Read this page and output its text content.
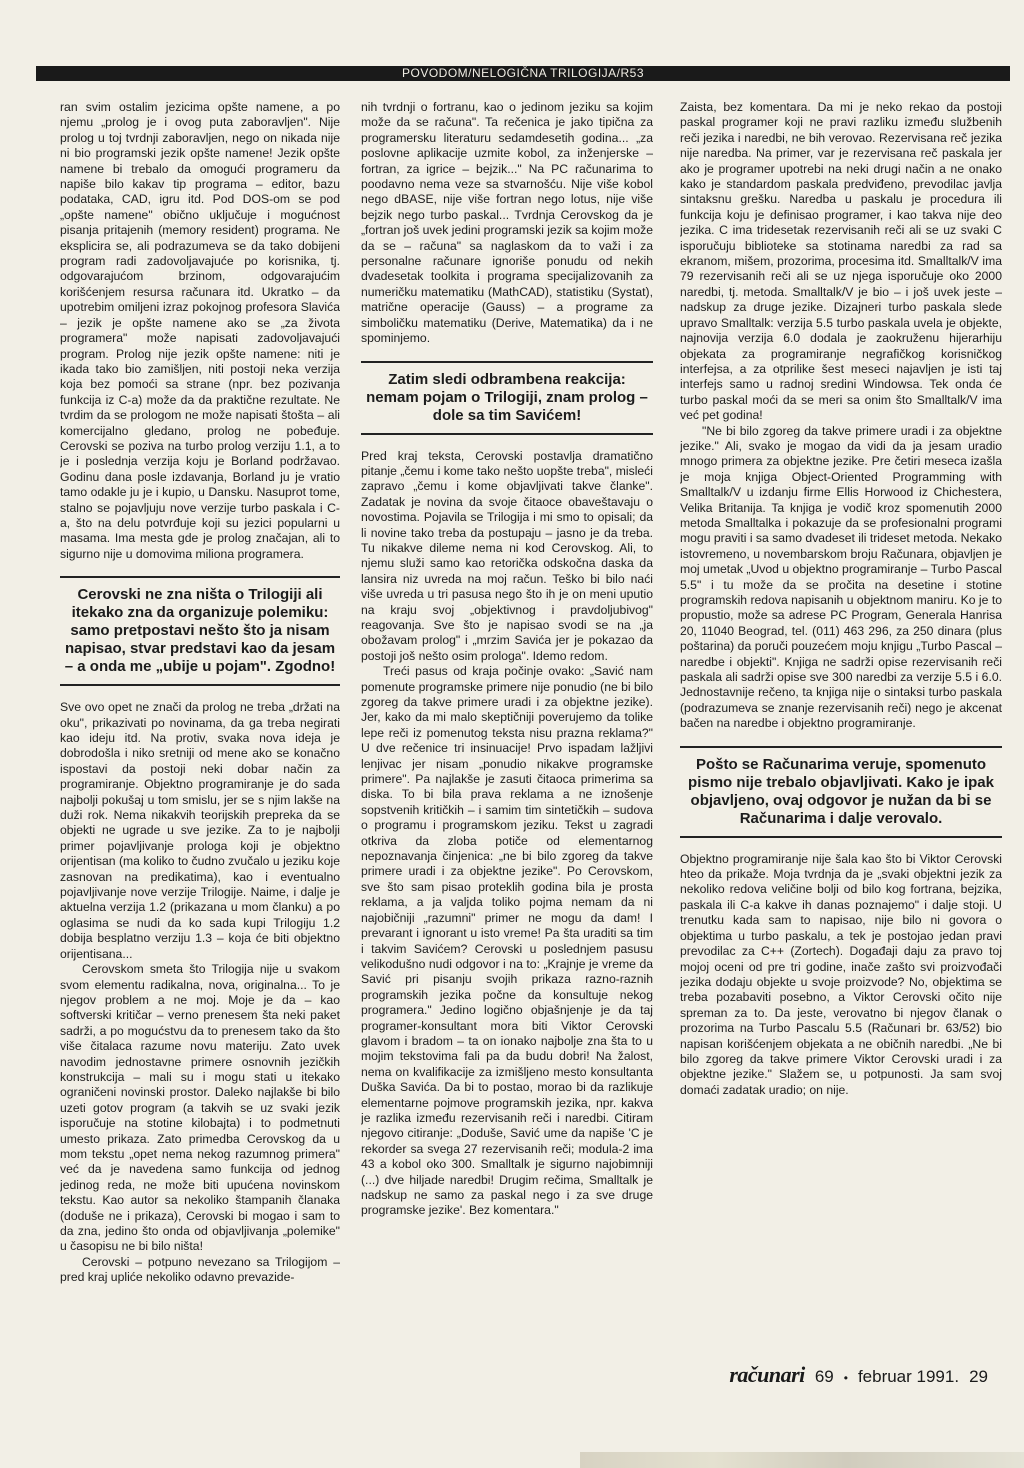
POVODOM/NELOGIČNA TRILOGIJA/R53

ran svim ostalim jezicima opšte namene, a po njemu „prolog je i ovog puta zaboravljen". Nije prolog u toj tvrdnji zaboravljen, nego on nikada nije ni bio programski jezik opšte namene! Jezik opšte namene bi trebalo da omogući programeru da napiše bilo kakav tip programa – editor, bazu podataka, CAD, igru itd. Pod DOS-om se pod „opšte namene" obično uključuje i mogućnost pisanja pritajenih (memory resident) programa. Ne eksplicira se, ali podrazumeva se da tako dobijeni program radi zadovoljavajuće po korisnika, tj. odgovarajućom brzinom, odgovarajućim korišćenjem resursa računara itd. Ukratko – da upotrebim omiljeni izraz pokojnog profesora Slavića – jezik je opšte namene ako se „za života programera" može napisati zadovoljavajući program. Prolog nije jezik opšte namene: niti je ikada tako bio zamišljen, niti postoji neka verzija koja bez pomoći sa strane (npr. bez pozivanja funkcija iz C-a) može da da praktične rezultate. Ne tvrdim da se prologom ne može napisati štošta – ali komercijalno gledano, prolog ne pobeđuje. Cerovski se poziva na turbo prolog verziju 1.1, a to je i poslednja verzija koju je Borland podržavao. Godinu dana posle izdavanja, Borland ju je vratio tamo odakle ju je i kupio, u Dansku. Nasuprot tome, stalno se pojavljuju nove verzije turbo paskala i C-a, što na delu potvrđuje koji su jezici popularni u masama. Ima mesta gde je prolog značajan, ali to sigurno nije u domovima miliona programera.

Cerovski ne zna ništa o Trilogiji ali itekako zna da organizuje polemiku: samo pretpostavi nešto što ja nisam napisao, stvar predstavi kao da jesam – a onda me „ubije u pojam". Zgodno!

Sve ovo opet ne znači da prolog ne treba „držati na oku", prikazivati po novinama, da ga treba negirati kao ideju itd. Na protiv, svaka nova ideja je dobrodošla i niko sretniji od mene ako se konačno ispostavi da postoji neki dobar način za programiranje. Objektno programiranje je do sada najbolji pokušaj u tom smislu, jer se s njim lakše na duži rok. Nema nikakvih teorijskih prepreka da se objekti ne ugrade u sve jezike. Za to je najbolji primer pojavljivanje prologa koji je objektno orijentisan (ma koliko to čudno zvučalo u jeziku koje zasnovan na predikatima), kao i eventualno pojavljivanje nove verzije Trilogije. Naime, i dalje je aktuelna verzija 1.2 (prikazana u mom članku) a po oglasima se nudi da ko sada kupi Trilogiju 1.2 dobija besplatno verziju 1.3 – koja će biti objektno orijentisana...

Cerovskom smeta što Trilogija nije u svakom svom elementu radikalna, nova, originalna... To je njegov problem a ne moj. Moje je da – kao softverski kritičar – verno prenesem šta neki paket sadrži, a po mogućstvu da to prenesem tako da što više čitalaca razume novu materiju. Zato uvek navodim jednostavne primere osnovnih jezičkih konstrukcija – mali su i mogu stati u itekako ograničeni novinski prostor. Daleko najlakše bi bilo uzeti gotov program (a takvih se uz svaki jezik isporučuje na stotine kilobajta) i to podmetnuti umesto prikaza. Zato primedba Cerovskog da u mom tekstu „opet nema nekog razumnog primera" već da je navedena samo funkcija od jednog jedinog reda, ne može biti upućena novinskom tekstu. Kao autor sa nekoliko štampanih članaka (doduše ne i prikaza), Cerovski bi mogao i sam to da zna, jedino što onda od objavljivanja „polemike" u časopisu ne bi bilo ništa!

Cerovski – potpuno nevezano sa Trilogijom – pred kraj upliće nekoliko odavno prevazide-

nih tvrdnji o fortranu, kao o jedinom jeziku sa kojim može da se računa". Ta rečenica je jako tipična za programersku literaturu sedamdesetih godina... „za poslovne aplikacije uzmite kobol, za inženjerske – fortran, za igrice – bejzik..." Na PC računarima to poodavno nema veze sa stvarnošću. Nije više kobol nego dBASE, nije više fortran nego lotus, nije više bejzik nego turbo paskal... Tvrdnja Cerovskog da je „fortran još uvek jedini programski jezik sa kojim može da se – računa" sa naglaskom da to važi i za personalne računare ignoriše ponudu od nekih dvadesetak toolkita i programa specijalizovanih za numeričku matematiku (MathCAD), statistiku (Systat), matrične operacije (Gauss) – a programe za simboličku matematiku (Derive, Matematika) da i ne spominjemo.

Zatim sledi odbrambena reakcija: nemam pojam o Trilogiji, znam prolog – dole sa tim Savićem!

Pred kraj teksta, Cerovski postavlja dramatično pitanje „čemu i kome tako nešto uopšte treba", misleći zapravo „čemu i kome objavljivati takve članke". Zadatak je novina da svoje čitaoce obaveštavaju o novostima. Pojavila se Trilogija i mi smo to opisali; da li novine tako treba da postupaju – jasno je da treba. Tu nikakve dileme nema ni kod Cerovskog. Ali, to njemu služi samo kao retorička odskočna daska da lansira niz uvreda na moj račun. Teško bi bilo naći više uvreda u tri pasusa nego što ih je on meni uputio na kraju svoj „objektivnog i pravdoljubivog" reagovanja. Sve što je napisao svodi se na „ja obožavam prolog" i „mrzim Savića jer je pokazao da postoji još nešto osim prologa". Idemo redom.

Treći pasus od kraja počinje ovako: „Savić nam pomenute programske primere nije ponudio (ne bi bilo zgoreg da takve primere uradi i za objektne jezike). Jer, kako da mi malo skeptičniji poverujemo da tolike lepe reči iz pomenutog teksta nisu prazna reklama?" U dve rečenice tri insinuacije! Prvo ispadam lažljivi lenjivac jer nisam „ponudio nikakve programske primere". Pa najlakše je zasuti čitaoca primerima sa diska. To bi bila prava reklama a ne iznošenje sopstvenih kritičkih – i samim tim sintetičkih – sudova o programu i programskom jeziku. Tekst u zagradi otkriva da zloba potiče od elementarnog nepoznavanja činjenica: „ne bi bilo zgoreg da takve primere uradi i za objektne jezike". Po Cerovskom, sve što sam pisao proteklih godina bila je prosta reklama, a ja valjda toliko pojma nemam da ni najobičniji „razumni" primer ne mogu da dam! I prevarant i ignorant u isto vreme! Pa šta uraditi sa tim i takvim Savićem? Cerovski u poslednjem pasusu velikodušno nudi odgovor i na to: „Krajnje je vreme da Savić pri pisanju svojih prikaza razno-raznih programskih jezika počne da konsultuje nekog programera." Jedino logično objašnjenje je da taj programer-konsultant mora biti Viktor Cerovski glavom i bradom – ta on ionako najbolje zna šta to u mojim tekstovima fali pa da budu dobri! Na žalost, nema on kvalifikacije za izmišljeno mesto konsultanta Duška Savića. Da bi to postao, morao bi da razlikuje elementarne pojmove programskih jezika, npr. kakva je razlika između rezervisanih reči i naredbi. Citiram njegovo citiranje: „Dodušе, Savić ume da napiše 'C je rekorder sa svega 27 rezervisanih reči; modula-2 ima 43 a kobol oko 300. Smalltalk je sigurno najobimniji (...) dve hiljade naredbi! Drugim rečima, Smalltalk je nadskup ne samo za paskal nego i za sve druge programske jezike'. Bez komentara."

Zaista, bez komentara. Da mi je neko rekao da postoji paskal programer koji ne pravi razliku između službenih reči jezika i naredbi, ne bih verovao. Rezervisana reč jezika nije naredba. Na primer, var je rezervisana reč paskala jer ako je programer upotrebi na neki drugi način a ne onako kako je standardom paskala predviđeno, prevodilac javlja sintaksnu grešku. Naredba u paskalu je procedura ili funkcija koju je definisao programer, i kao takva nije deo jezika. C ima tridesetak rezervisanih reči ali se uz svaki C isporučuju biblioteke sa stotinama naredbi za rad sa ekranom, mišem, prozorima, procesima itd. Smalltalk/V ima 79 rezervisanih reči ali se uz njega isporučuje oko 2000 naredbi, tj. metoda. Smalltalk/V je bio – i još uvek jeste – nadskup za druge jezike. Dizajneri turbo paskala slede upravo Smalltalk: verzija 5.5 turbo paskala uvela je objekte, najnovija verzija 6.0 dodala je zaokruženu hijerarhiju objekata za programiranje negrafičkog korisničkog interfejsa, a za otprilike šest meseci najavljen je isti taj interfejs samo u radnoj sredini Windowsa. Tek onda će turbo paskal moći da se meri sa onim što Smalltalk/V ima već pet godina!

"Ne bi bilo zgoreg da takve primere uradi i za objektne jezike." Ali, svako je mogao da vidi da ja jesam uradio mnogo primera za objektne jezike. Pre četiri meseca izašla je moja knjiga Object-Oriented Programming with Smalltalk/V u izdanju firme Ellis Horwood iz Chichestera, Velika Britanija. Ta knjiga je vodič kroz spomenutih 2000 metoda Smalltalka i pokazuje da se profesionalni programi mogu praviti i sa samo dvadeset ili trideset metoda. Nekako istovremeno, u novembarskom broju Računara, objavljen je moj umetak „Uvod u objektno programiranje – Turbo Pascal 5.5" i tu može da se pročita na desetine i stotine programskih redova napisanih u objektnom maniru. Ko je to propustio, može sa adrese PC Program, Generala Hanrisa 20, 11040 Beograd, tel. (011) 463 296, za 250 dinara (plus poštarina) da poruči pouzećem moju knjigu „Turbo Pascal – naredbe i objekti". Knjiga ne sadrži opise rezervisanih reči paskala ali sadrži opise sve 300 naredbi za verzije 5.5 i 6.0. Jednostavnije rečeno, ta knjiga nije o sintaksi turbo paskala (podrazumeva se znanje rezervisanih reči) nego je akcenat bačen na naredbe i objektno programiranje.

Pošto se Računarima veruje, spomenuto pismo nije trebalo objavljivati. Kako je ipak objavljeno, ovaj odgovor je nužan da bi se Računarima i dalje verovalo.

Objektno programiranje nije šala kao što bi Viktor Cerovski hteo da prikaže. Moja tvrdnja da je „svaki objektni jezik za nekoliko redova veličine bolji od bilo kog fortrana, bejzika, paskala ili C-a kakve ih danas poznajemo" i dalje stoji. U trenutku kada sam to napisao, nije bilo ni govora o objektima u turbo paskalu, a tek je postojao jedan pravi prevodilac za C++ (Zortech). Događaji daju za pravo toj mojoj oceni od pre tri godine, inače zašto svi proizvođači jezika dodaju objekte u svoje proizvode? No, objektima se treba pozabaviti posebno, a Viktor Cerovski očito nije spreman za to. Da jeste, verovatno bi njegov članak o prozorima na Turbo Pascalu 5.5 (Računari br. 63/52) bio napisan korišćenjem objekata a ne običnih naredbi. „Ne bi bilo zgoreg da takve primere Viktor Cerovski uradi i za objektne jezike." Slažem se, u potpunosti. Ja sam svoj domaći zadatak uradio; on nije.

računari 69 • februar 1991. 29
